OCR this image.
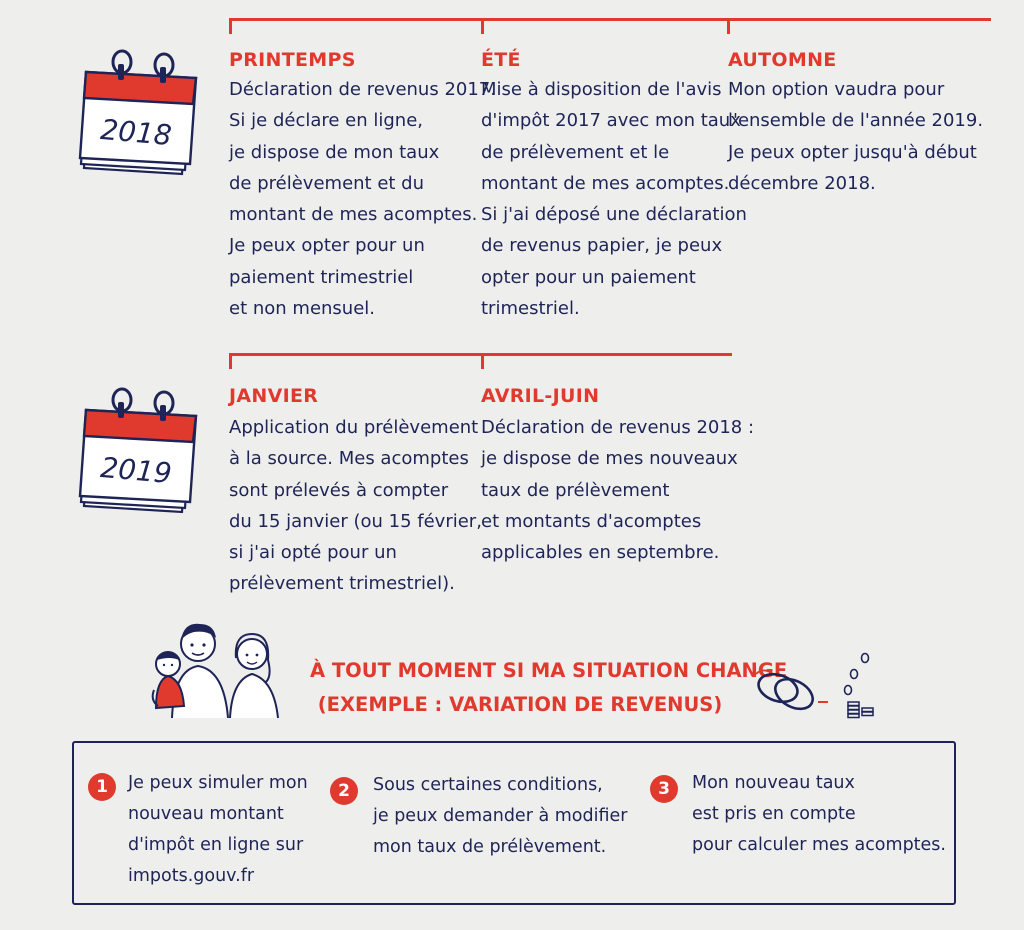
2018
PRINTEMPS
Déclaration de revenus 2017.
Si je déclare en ligne,
je dispose de mon taux
de prélèvement et du
montant de mes acomptes.
Je peux opter pour un
paiement trimestriel
et non mensuel.
ÉTÉ
Mise à disposition de l'avis
d'impôt 2017 avec mon taux
de prélèvement et le
montant de mes acomptes.
Si j'ai déposé une déclaration
de revenus papier, je peux
opter pour un paiement
trimestriel.
AUTOMNE
Mon option vaudra pour
l'ensemble de l'année 2019.
Je peux opter jusqu'à début
décembre 2018.
2019
JANVIER
Application du prélèvement
à la source. Mes acomptes
sont prélevés à compter
du 15 janvier (ou 15 février,
si j'ai opté pour un
prélèvement trimestriel).
AVRIL-JUIN
Déclaration de revenus 2018 :
je dispose de mes nouveaux
taux de prélèvement
et montants d'acomptes
applicables en septembre.
À TOUT MOMENT SI MA SITUATION CHANGE
(EXEMPLE : VARIATION DE REVENUS)
1	Je peux simuler mon
nouveau montant
d'impôt en ligne sur
impots.gouv.fr
2	Sous certaines conditions,
je peux demander à modifier
mon taux de prélèvement.
3	Mon nouveau taux
est pris en compte
pour calculer mes acomptes.
